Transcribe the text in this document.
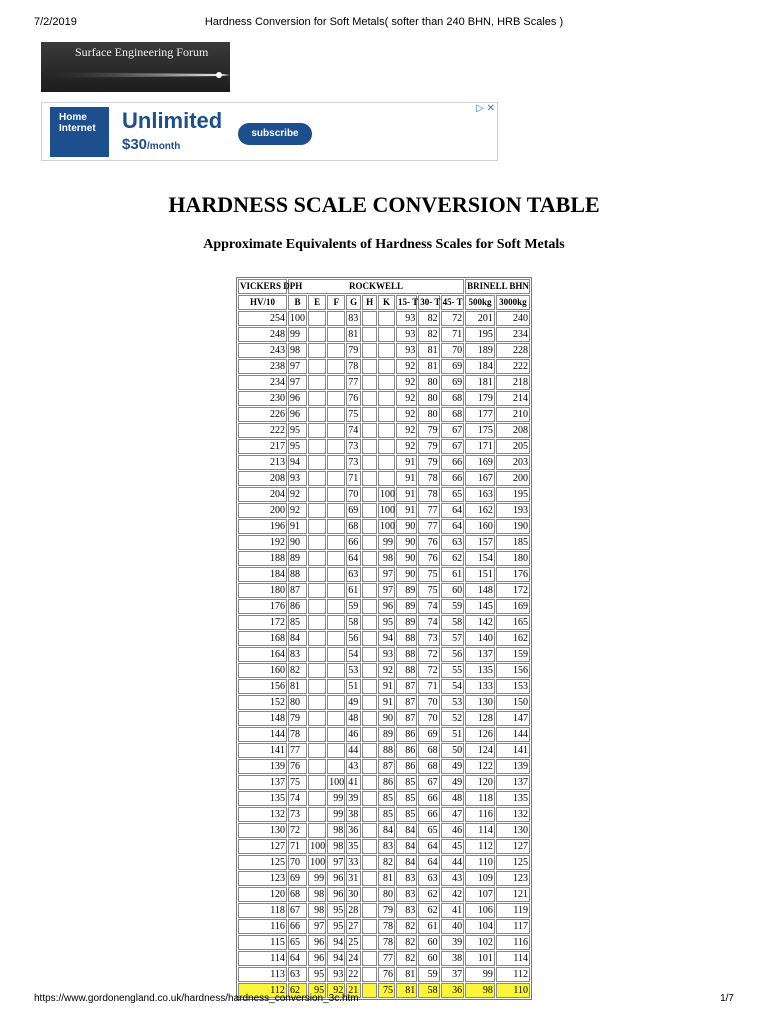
7/2/2019	Hardness Conversion for Soft Metals( softer than 240 BHN, HRB Scales )
Surface Engineering Forum
Home
Internet Unlimited
$30/month
subscribe
▷ ✕
HARDNESS SCALE CONVERSION TABLE
Approximate Equivalents of Hardness Scales for Soft Metals
VICKERS DPH	ROCKWELL									BRINELL BHN	
HV/10	B	E	F	G	H	K	15- T	30- T	45- T	500kg	3000kg
254	100			83			93	82	72	201	240
248	99			81			93	82	71	195	234
243	98			79			93	81	70	189	228
238	97			78			92	81	69	184	222
234	97			77			92	80	69	181	218
230	96			76			92	80	68	179	214
226	96			75			92	80	68	177	210
222	95			74			92	79	67	175	208
217	95			73			92	79	67	171	205
213	94			73			91	79	66	169	203
208	93			71			91	78	66	167	200
204	92			70		100	91	78	65	163	195
200	92			69		100	91	77	64	162	193
196	91			68		100	90	77	64	160	190
192	90			66		99	90	76	63	157	185
188	89			64		98	90	76	62	154	180
184	88			63		97	90	75	61	151	176
180	87			61		97	89	75	60	148	172
176	86			59		96	89	74	59	145	169
172	85			58		95	89	74	58	142	165
168	84			56		94	88	73	57	140	162
164	83			54		93	88	72	56	137	159
160	82			53		92	88	72	55	135	156
156	81			51		91	87	71	54	133	153
152	80			49		91	87	70	53	130	150
148	79			48		90	87	70	52	128	147
144	78			46		89	86	69	51	126	144
141	77			44		88	86	68	50	124	141
139	76			43		87	86	68	49	122	139
137	75		100	41		86	85	67	49	120	137
135	74		99	39		85	85	66	48	118	135
132	73		99	38		85	85	66	47	116	132
130	72		98	36		84	84	65	46	114	130
127	71	100	98	35		83	84	64	45	112	127
125	70	100	97	33		82	84	64	44	110	125
123	69	99	96	31		81	83	63	43	109	123
120	68	98	96	30		80	83	62	42	107	121
118	67	98	95	28		79	83	62	41	106	119
116	66	97	95	27		78	82	61	40	104	117
115	65	96	94	25		78	82	60	39	102	116
114	64	96	94	24		77	82	60	38	101	114
113	63	95	93	22		76	81	59	37	99	112
112	62	95	92	21		75	81	58	36	98	110
https://www.gordonengland.co.uk/hardness/hardness_conversion_3c.htm	1/7
